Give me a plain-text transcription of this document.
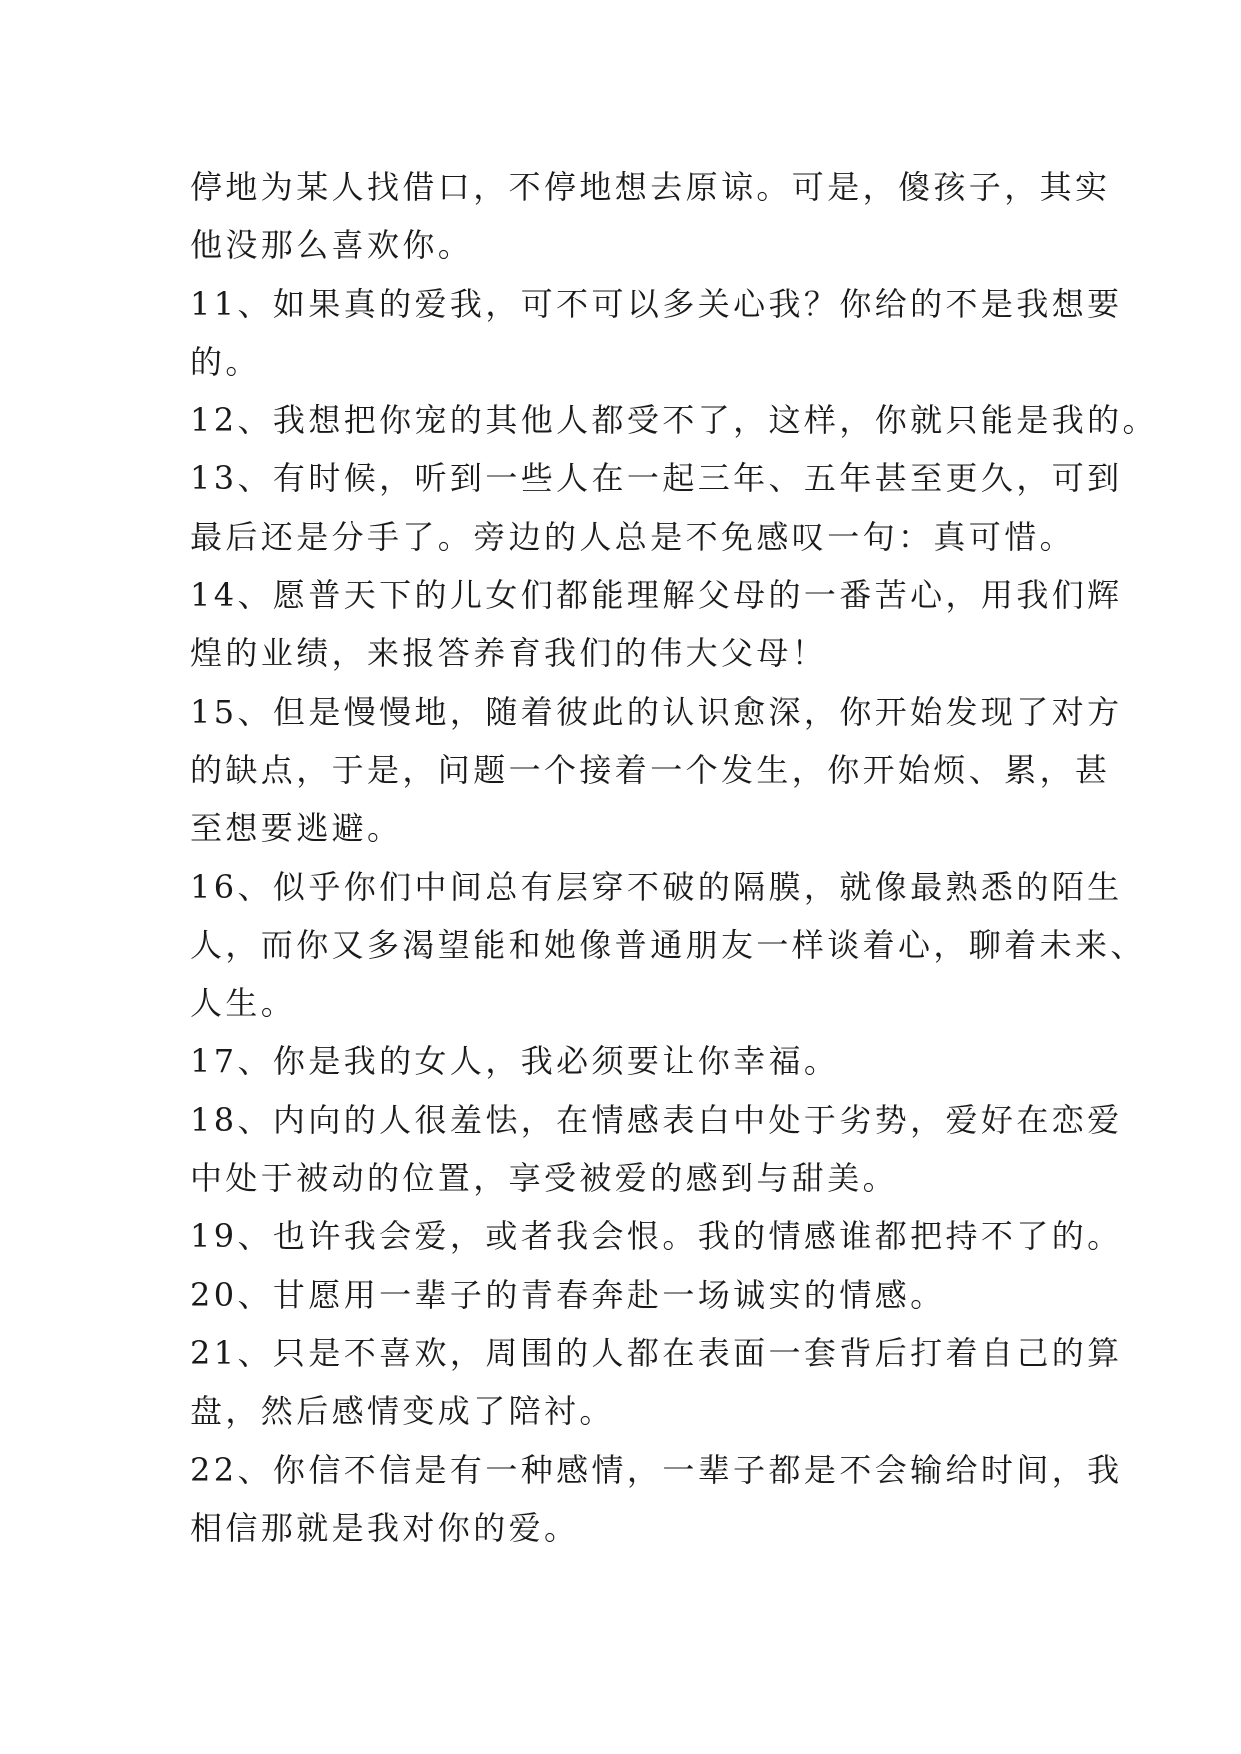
停地为某人找借口，不停地想去原谅。可是，傻孩子，其实
他没那么喜欢你。
11、如果真的爱我，可不可以多关心我？你给的不是我想要
的。
12、我想把你宠的其他人都受不了，这样，你就只能是我的。
13、有时候，听到一些人在一起三年、五年甚至更久，可到
最后还是分手了。旁边的人总是不免感叹一句：真可惜。
14、愿普天下的儿女们都能理解父母的一番苦心，用我们辉
煌的业绩，来报答养育我们的伟大父母！
15、但是慢慢地，随着彼此的认识愈深，你开始发现了对方
的缺点，于是，问题一个接着一个发生，你开始烦、累，甚
至想要逃避。
16、似乎你们中间总有层穿不破的隔膜，就像最熟悉的陌生
人，而你又多渴望能和她像普通朋友一样谈着心，聊着未来、
人生。
17、你是我的女人，我必须要让你幸福。
18、内向的人很羞怯，在情感表白中处于劣势，爱好在恋爱
中处于被动的位置，享受被爱的感到与甜美。
19、也许我会爱，或者我会恨。我的情感谁都把持不了的。
20、甘愿用一辈子的青春奔赴一场诚实的情感。
21、只是不喜欢，周围的人都在表面一套背后打着自己的算
盘，然后感情变成了陪衬。
22、你信不信是有一种感情，一辈子都是不会输给时间，我
相信那就是我对你的爱。
